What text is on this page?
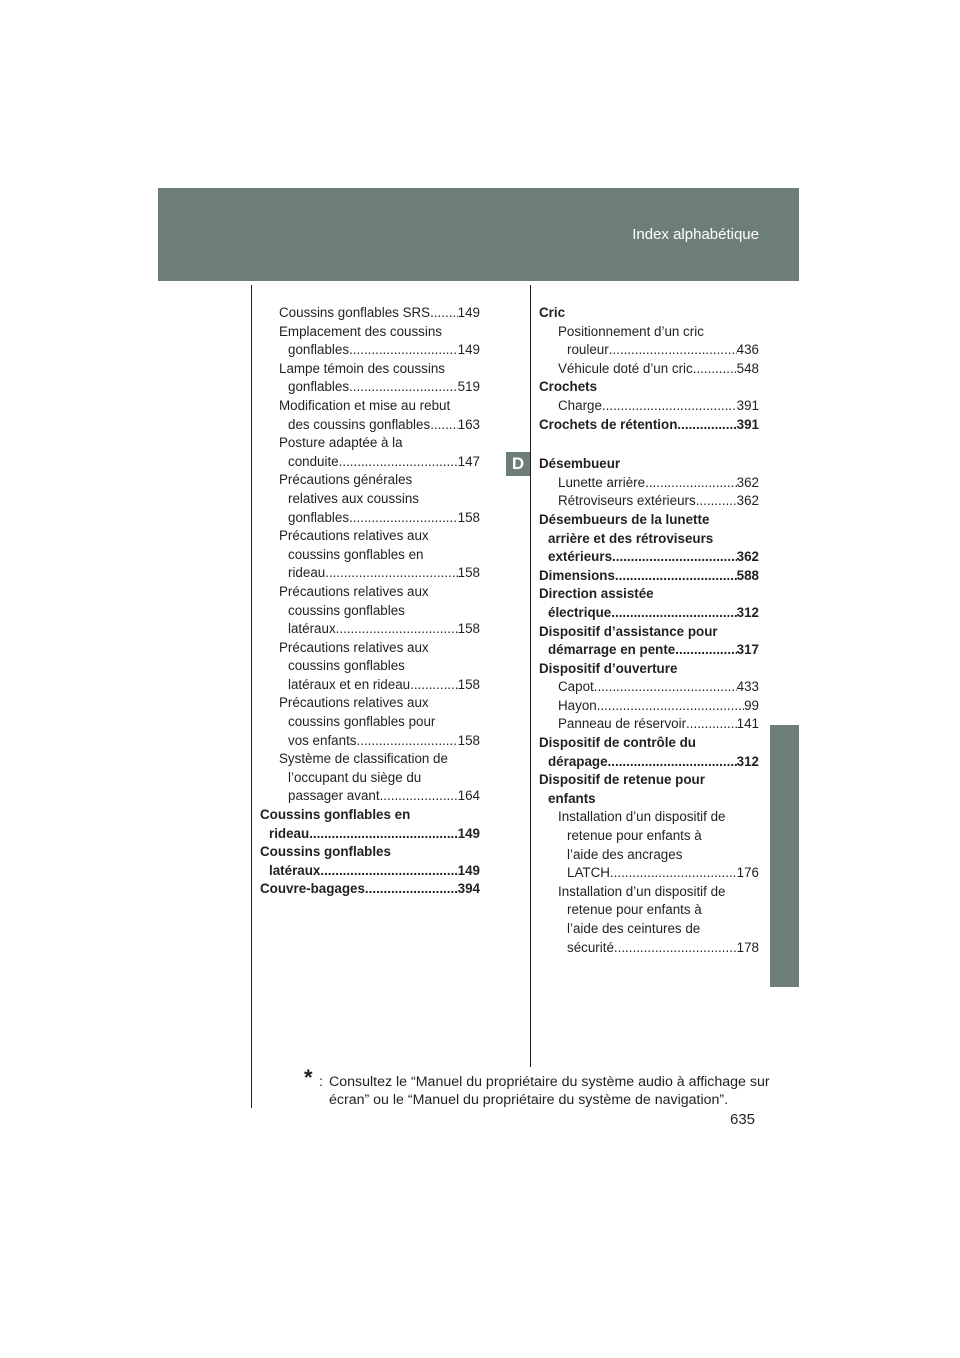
Index alphabétique
D
Coussins gonflables SRS ..... 149
Emplacement des coussins
gonflables .....	149
Lampe témoin des coussins
gonflables .....	519
Modification et mise au rebut
des coussins gonflables ..... 163
Posture adaptée à la
conduite .....	147
Précautions générales
relatives aux coussins
gonflables .....	158
Précautions relatives aux
coussins gonflables en
rideau .....	158
Précautions relatives aux
coussins gonflables
latéraux .....	158
Précautions relatives aux
coussins gonflables
latéraux et en rideau .....	158
Précautions relatives aux
coussins gonflables pour
vos enfants .....	158
Système de classification de
l’occupant du siège du
passager avant .....	164
Coussins gonflables en
rideau .....	149
Coussins gonflables
latéraux .....	149
Couvre-bagages .....	394
Cric
Positionnement d’un cric
rouleur .....	436
Véhicule doté d’un cric .....	548
Crochets
Charge .....	391
Crochets de rétention .....	391
Désembueur
Lunette arrière .....	362
Rétroviseurs extérieurs .....	362
Désembueurs de la lunette
arrière et des rétroviseurs
extérieurs .....	362
Dimensions .....	588
Direction assistée
électrique .....	312
Dispositif d’assistance pour
démarrage en pente .....	317
Dispositif d’ouverture
Capot .....	433
Hayon .....	99
Panneau de réservoir .....	141
Dispositif de contrôle du
dérapage .....	312
Dispositif de retenue pour
enfants
Installation d’un dispositif de
retenue pour enfants à
l’aide des ancrages
LATCH .....	176
Installation d’un dispositif de
retenue pour enfants à
l’aide des ceintures de
sécurité .....	178
* : Consultez le “Manuel du propriétaire du système audio à affichage sur écran” ou le “Manuel du propriétaire du système de navigation”.
635
